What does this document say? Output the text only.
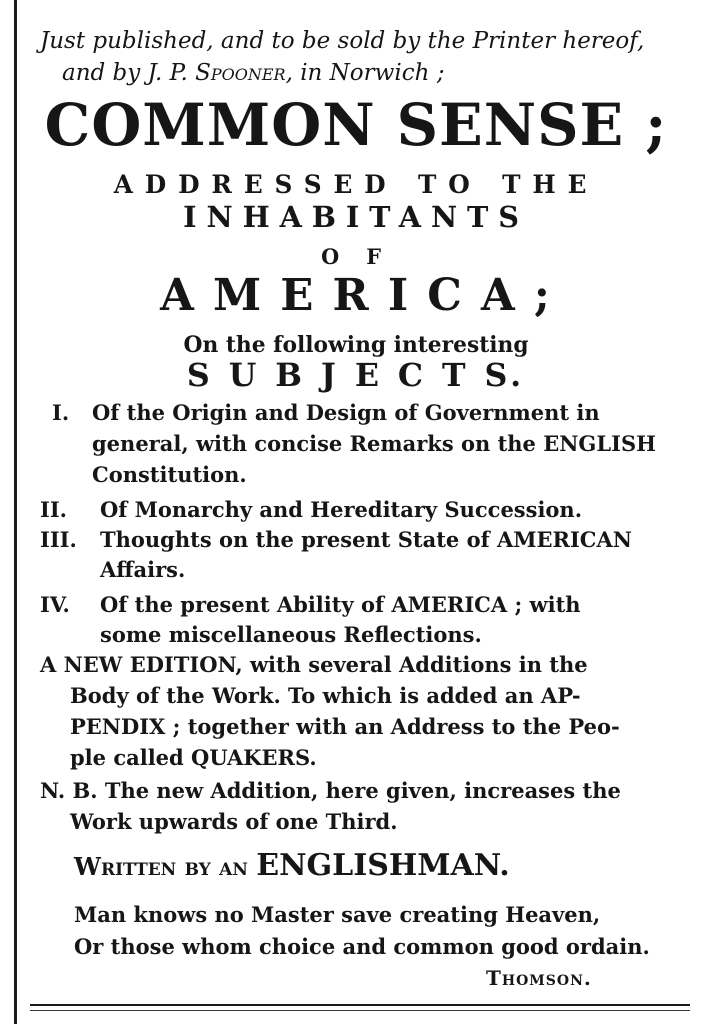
Just published, and to be sold by the Printer hereof,
and by J. P. Spooner, in Norwich ;
COMMON SENSE ;
ADDRESSED TO THE
INHABITANTS
O F
A M E R I C A ;
On the following interesting
S U B J E C T S.
I. Of the Origin and Design of Government in
general, with concise Remarks on the ENGLISH
Constitution.
II. Of Monarchy and Hereditary Succession.
III. Thoughts on the present State of AMERICAN
Affairs.
IV. Of the present Ability of AMERICA ; with
some miscellaneous Reflections.
A NEW EDITION, with several Additions in the
Body of the Work. To which is added an AP-
PENDIX ; together with an Address to the Peo-
ple called QUAKERS.
N. B. The new Addition, here given, increases the
Work upwards of one Third.
Written by an ENGLISHMAN.
Man knows no Master save creating Heaven,
Or those whom choice and common good ordain.
Thomson.
